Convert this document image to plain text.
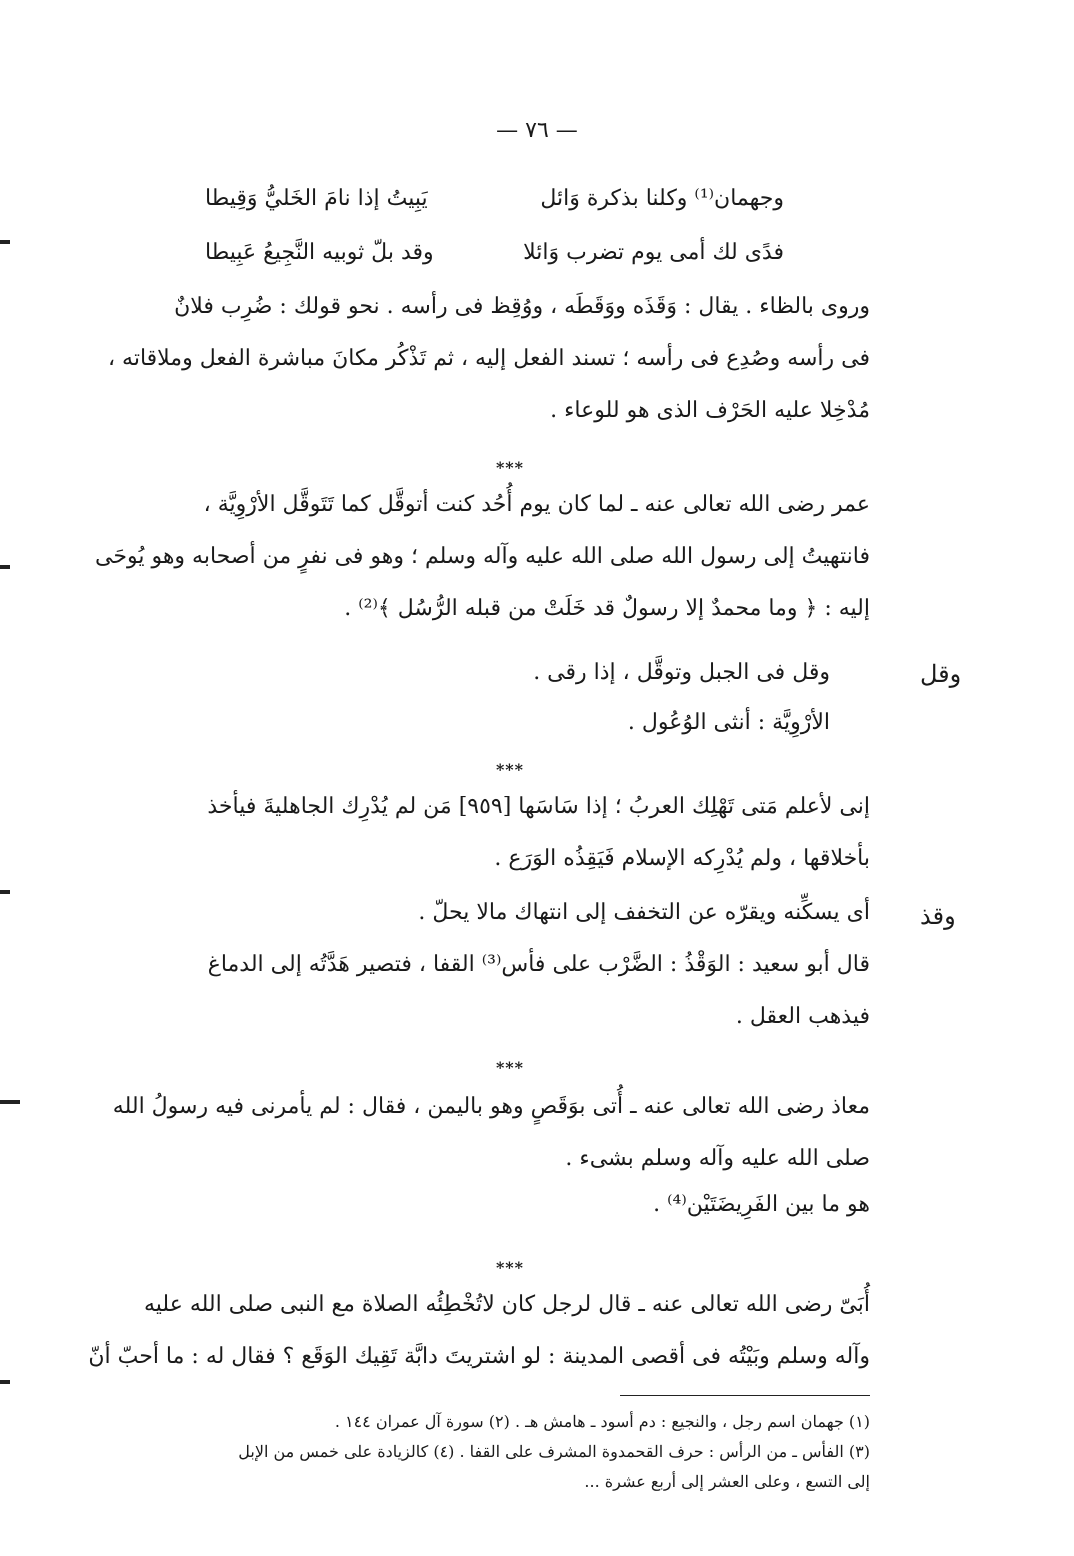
— ٧٦ —
وجهمان⁽¹⁾ وكلنا بذكرة وَائل
يَبِيتُ إذا نامَ الخَليُّ وَقِيطا
فدًى لك أمى يوم تضرب وَائلا
وقد بلّ ثوبيه النَّجِيعُ عَبِيطا
وروى بالظاء . يقال : وَقَذَه ووَقَطَه ، ووُقِظ فى رأسه . نحو قولك : ضُرِب فلانٌ
فى رأسه وصُدِع فى رأسه ؛ تسند الفعل إليه ، ثم تَذْكُر مكانَ مباشرة الفعل وملاقاته ،
مُدْخِلا عليه الحَرْف الذى هو للوعاء .
***
عمر رضى الله تعالى عنه ـ لما كان يوم أُحُد كنت أتوقَّل كما تَتَوقَّل الأرْوِيَّة ،
فانتهيتُ إلى رسول الله صلى الله عليه وآله وسلم ؛ وهو فى نفرٍ من أصحابه وهو يُوحَى
إليه : ﴿ وما محمدٌ إلا رسولٌ قد خَلَتْ من قبله الرُّسُل ﴾⁽²⁾ .
وقل
وقل فى الجبل وتوقَّل ، إذا رقى .
الأرْوِيَّة : أنثى الوُعُول .
***
إنى لأعلم مَتى تَهْلِك العربُ ؛ إذا سَاسَها [٩٥٩] مَن لم يُدْرِك الجاهليةَ فيأخذ
بأخلاقها ، ولم يُدْرِكه الإسلام فَيَقِذُه الوَرَع .
وقذ
أى يسكِّنه ويقرّه عن التخفف إلى انتهاك مالا يحلّ .
قال أبو سعيد : الوَقْذُ : الضَّرْب على فأس⁽³⁾ القفا ، فتصير هَدَّتُه إلى الدماغ
فيذهب العقل .
***
معاذ رضى الله تعالى عنه ـ أُتى بوَقَصٍ وهو باليمن ، فقال : لم يأمرنى فيه رسولُ الله
صلى الله عليه وآله وسلم بشىء .
هو ما بين الفَرِيضَتَيْن⁽⁴⁾ .
***
أُبَىّ رضى الله تعالى عنه ـ قال لرجل كان لاتُخْطِئُه الصلاة مع النبى صلى الله عليه
وآله وسلم وبَيْتُه فى أقصى المدينة : لو اشتريتَ دابَّة تَقِيك الوَقَع ؟ فقال له : ما أحبّ أنّ
(١) جهمان اسم رجل ، والنجيع : دم أسود ـ هامش هـ . (٢) سورة آل عمران ١٤٤ .
(٣) الفأس ـ من الرأس : حرف القحمدوة المشرف على القفا . (٤) كالزيادة على خمس من الإبل
إلى التسع ، وعلى العشر إلى أربع عشرة ...
